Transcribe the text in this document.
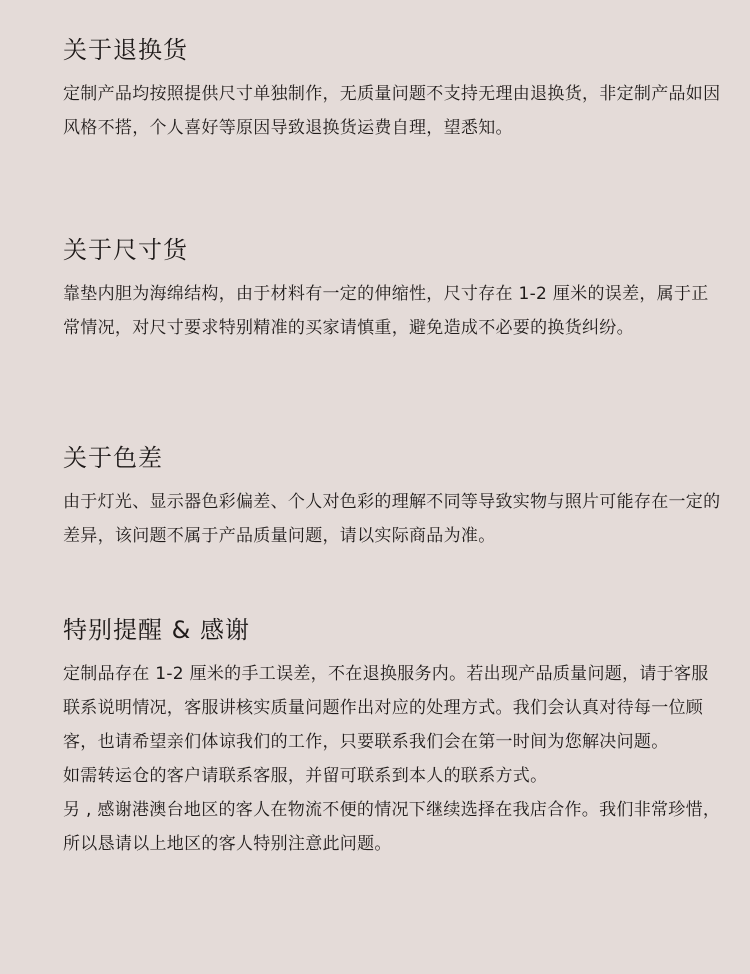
关于退换货

定制产品均按照提供尺寸单独制作，无质量问题不支持无理由退换货，非定制产品如因风格不搭，个人喜好等原因导致退换货运费自理，望悉知。

关于尺寸货

靠垫内胆为海绵结构，由于材料有一定的伸缩性，尺寸存在 1-2 厘米的误差，属于正常情况，对尺寸要求特别精准的买家请慎重，避免造成不必要的换货纠纷。

关于色差

由于灯光、显示器色彩偏差、个人对色彩的理解不同等导致实物与照片可能存在一定的差异，该问题不属于产品质量问题，请以实际商品为准。

特别提醒 & 感谢

定制品存在 1-2 厘米的手工误差，不在退换服务内。若出现产品质量问题，请于客服联系说明情况，客服讲核实质量问题作出对应的处理方式。我们会认真对待每一位顾客，也请希望亲们体谅我们的工作，只要联系我们会在第一时间为您解决问题。

如需转运仓的客户请联系客服，并留可联系到本人的联系方式。

另 , 感谢港澳台地区的客人在物流不便的情况下继续选择在我店合作。我们非常珍惜，所以恳请以上地区的客人特别注意此问题。
